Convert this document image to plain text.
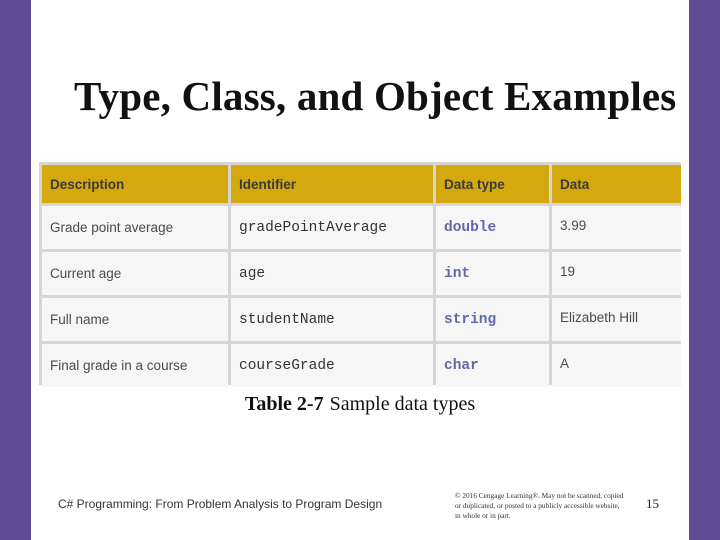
Type, Class, and Object Examples
Description	Identifier	Data type	Data
Grade point average	gradePointAverage	double	3.99
Current age	age	int	19
Full name	studentName	string	Elizabeth Hill
Final grade in a course	courseGrade	char	A
Table 2-7 Sample data types
C# Programming: From Problem Analysis to Program Design
© 2016 Cengage Learning®. May not be scanned, copied or duplicated, or posted to a publicly accessible website, in whole or in part.
15
